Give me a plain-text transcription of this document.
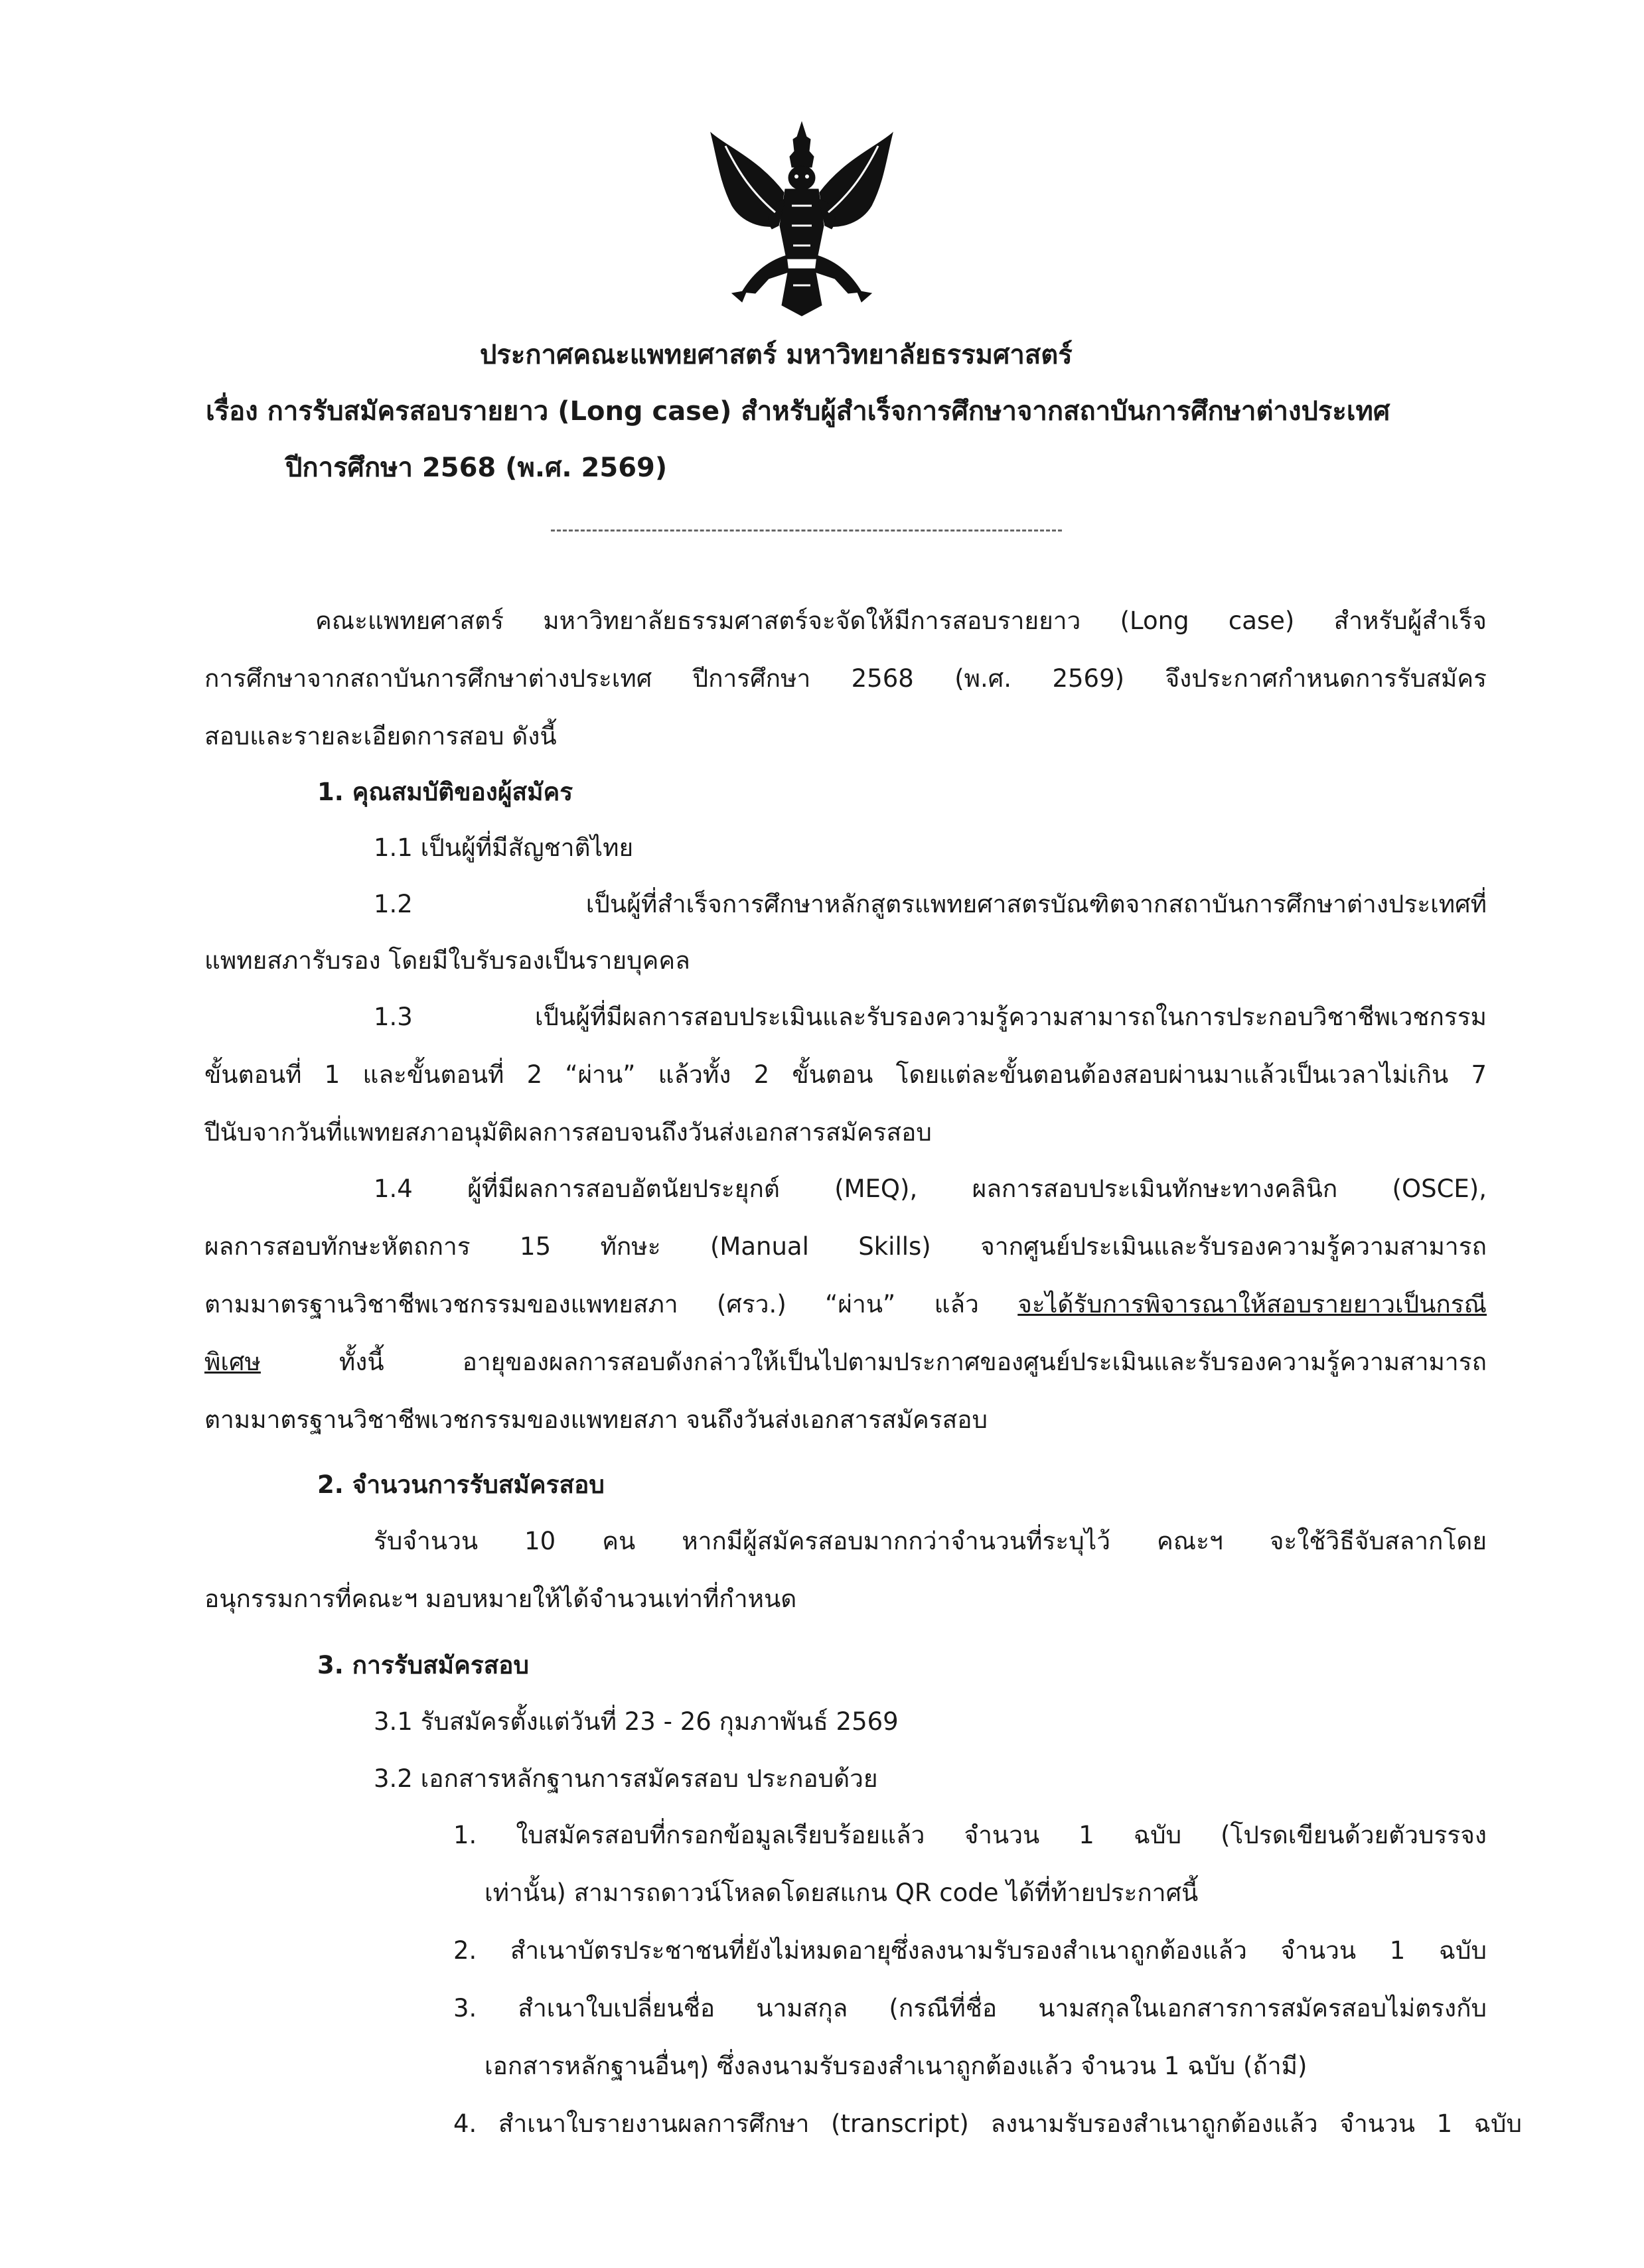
ประกาศคณะแพทยศาสตร์ มหาวิทยาลัยธรรมศาสตร์
เรื่อง การรับสมัครสอบรายยาว (Long case) สำหรับผู้สำเร็จการศึกษาจากสถาบันการศึกษาต่างประเทศ
ปีการศึกษา 2568 (พ.ศ. 2569)
คณะแพทยศาสตร์ มหาวิทยาลัยธรรมศาสตร์จะจัดให้มีการสอบรายยาว (Long case) สำหรับผู้สำเร็จ
การศึกษาจากสถาบันการศึกษาต่างประเทศ ปีการศึกษา 2568 (พ.ศ. 2569) จึงประกาศกำหนดการรับสมัคร
สอบและรายละเอียดการสอบ ดังนี้
1. คุณสมบัติของผู้สมัคร
1.1 เป็นผู้ที่มีสัญชาติไทย
1.2 เป็นผู้ที่สำเร็จการศึกษาหลักสูตรแพทยศาสตรบัณฑิตจากสถาบันการศึกษาต่างประเทศที่
แพทยสภารับรอง โดยมีใบรับรองเป็นรายบุคคล
1.3 เป็นผู้ที่มีผลการสอบประเมินและรับรองความรู้ความสามารถในการประกอบวิชาชีพเวชกรรม
ขั้นตอนที่ 1 และขั้นตอนที่ 2 “ผ่าน” แล้วทั้ง 2 ขั้นตอน โดยแต่ละขั้นตอนต้องสอบผ่านมาแล้วเป็นเวลาไม่เกิน 7
ปีนับจากวันที่แพทยสภาอนุมัติผลการสอบจนถึงวันส่งเอกสารสมัครสอบ
1.4 ผู้ที่มีผลการสอบอัตนัยประยุกต์ (MEQ), ผลการสอบประเมินทักษะทางคลินิก (OSCE),
ผลการสอบทักษะหัตถการ 15 ทักษะ (Manual Skills) จากศูนย์ประเมินและรับรองความรู้ความสามารถ
ตามมาตรฐานวิชาชีพเวชกรรมของแพทยสภา (ศรว.) “ผ่าน” แล้ว จะได้รับการพิจารณาให้สอบรายยาวเป็นกรณี
พิเศษ ทั้งนี้ อายุของผลการสอบดังกล่าวให้เป็นไปตามประกาศของศูนย์ประเมินและรับรองความรู้ความสามารถ
ตามมาตรฐานวิชาชีพเวชกรรมของแพทยสภา จนถึงวันส่งเอกสารสมัครสอบ
2. จำนวนการรับสมัครสอบ
รับจำนวน 10 คน หากมีผู้สมัครสอบมากกว่าจำนวนที่ระบุไว้ คณะฯ จะใช้วิธีจับสลากโดย
อนุกรรมการที่คณะฯ มอบหมายให้ได้จำนวนเท่าที่กำหนด
3. การรับสมัครสอบ
3.1 รับสมัครตั้งแต่วันที่ 23 - 26 กุมภาพันธ์ 2569
3.2 เอกสารหลักฐานการสมัครสอบ ประกอบด้วย
1. ใบสมัครสอบที่กรอกข้อมูลเรียบร้อยแล้ว จำนวน 1 ฉบับ (โปรดเขียนด้วยตัวบรรจง
เท่านั้น) สามารถดาวน์โหลดโดยสแกน QR code ได้ที่ท้ายประกาศนี้
2. สำเนาบัตรประชาชนที่ยังไม่หมดอายุซึ่งลงนามรับรองสำเนาถูกต้องแล้ว จำนวน 1 ฉบับ
3. สำเนาใบเปลี่ยนชื่อ นามสกุล (กรณีที่ชื่อ นามสกุลในเอกสารการสมัครสอบไม่ตรงกับ
เอกสารหลักฐานอื่นๆ) ซึ่งลงนามรับรองสำเนาถูกต้องแล้ว จำนวน 1 ฉบับ (ถ้ามี)
4. สำเนาใบรายงานผลการศึกษา (transcript) ลงนามรับรองสำเนาถูกต้องแล้ว จำนวน 1 ฉบับ
